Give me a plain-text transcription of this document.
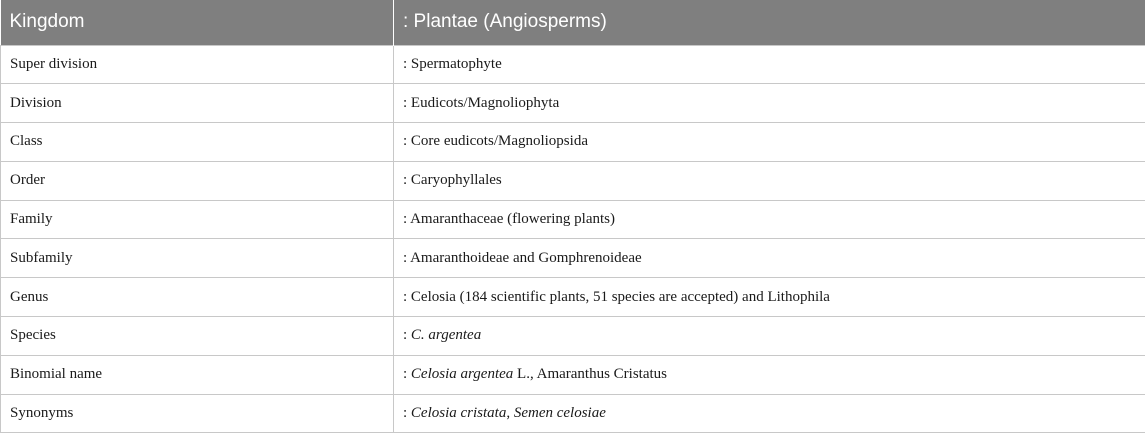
Kingdom	: Plantae (Angiosperms)
Super division	: Spermatophyte
Division	: Eudicots/Magnoliophyta
Class	: Core eudicots/Magnoliopsida
Order	: Caryophyllales
Family	: Amaranthaceae (flowering plants)
Subfamily	: Amaranthoideae and Gomphrenoideae
Genus	: Celosia (184 scientific plants, 51 species are accepted) and Lithophila
Species	: C. argentea
Binomial name	: Celosia argentea L., Amaranthus Cristatus
Synonyms	: Celosia cristata, Semen celosiae
